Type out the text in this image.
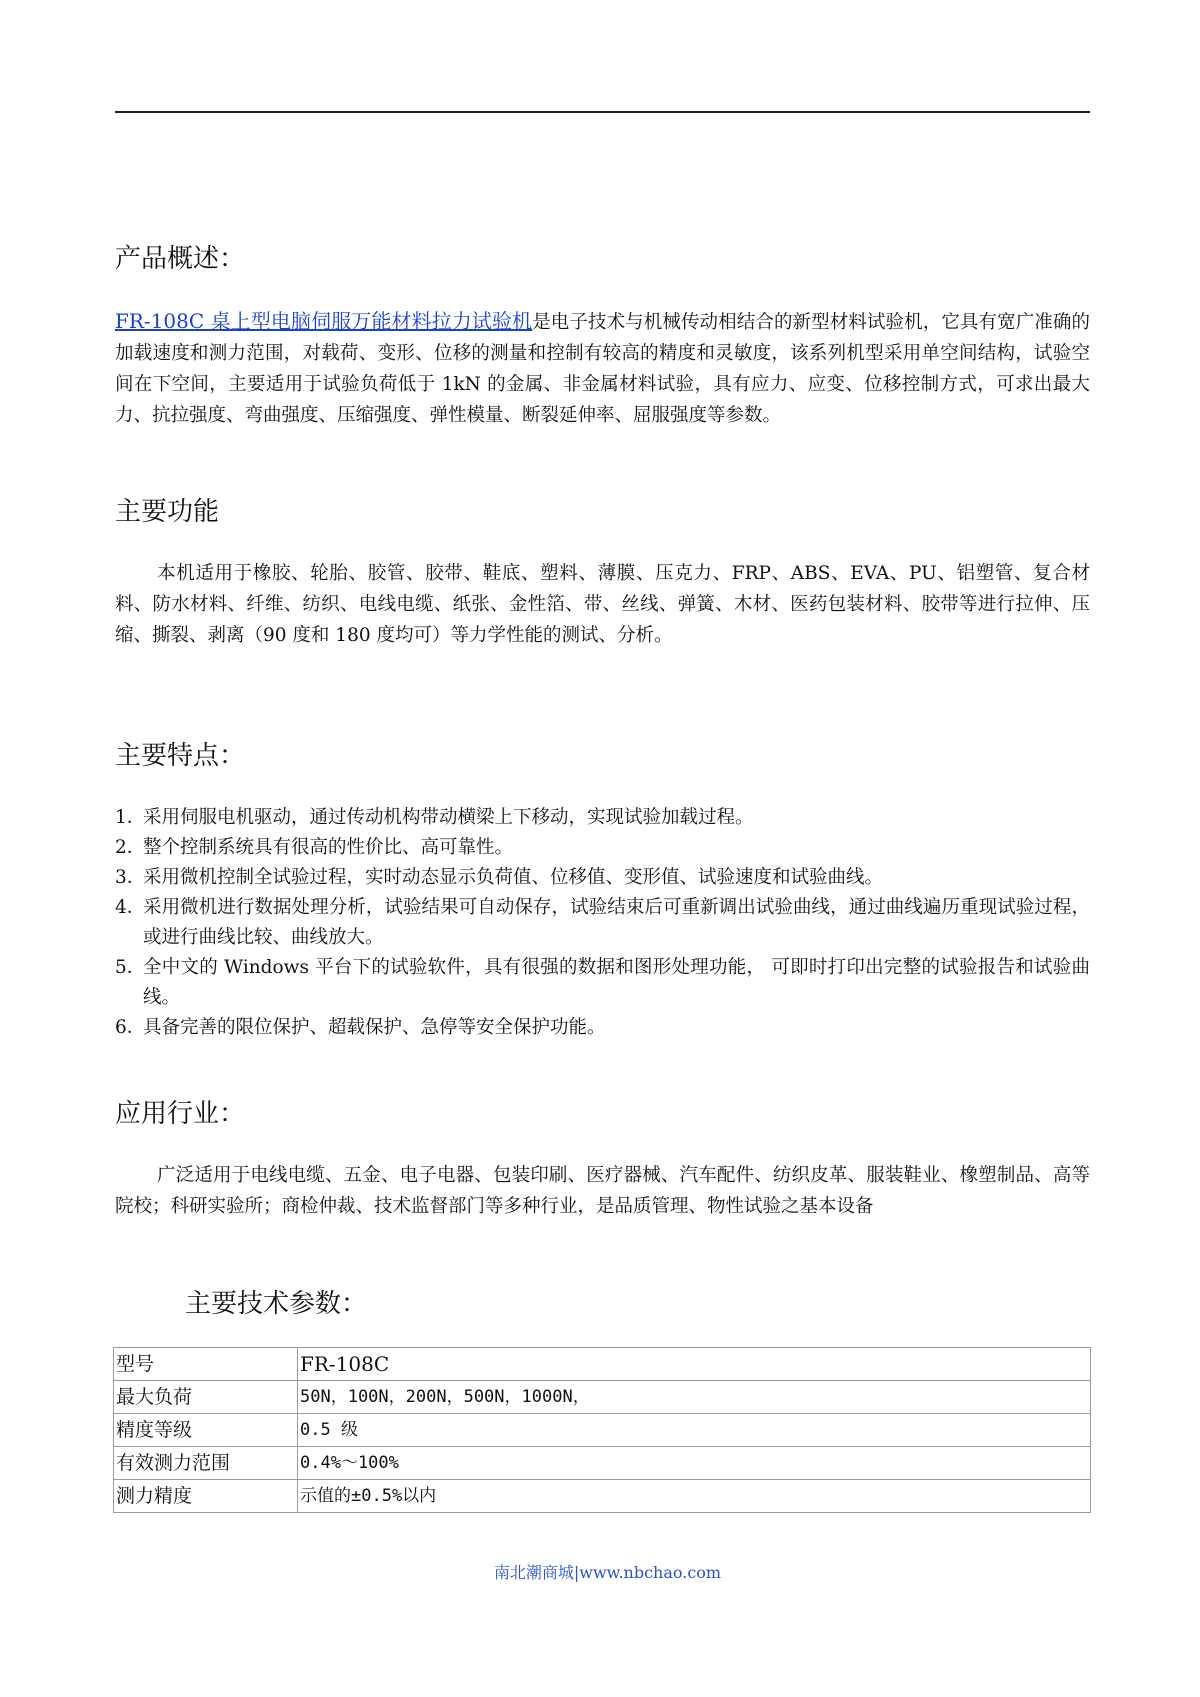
产品概述：

FR-108C 桌上型电脑伺服万能材料拉力试验机是电子技术与机械传动相结合的新型材料试验机，它具有宽广准确的加载速度和测力范围，对载荷、变形、位移的测量和控制有较高的精度和灵敏度，该系列机型采用单空间结构，试验空间在下空间，主要适用于试验负荷低于 1kN 的金属、非金属材料试验，具有应力、应变、位移控制方式，可求出最大力、抗拉强度、弯曲强度、压缩强度、弹性模量、断裂延伸率、屈服强度等参数。

主要功能

本机适用于橡胶、轮胎、胶管、胶带、鞋底、塑料、薄膜、压克力、FRP、ABS、EVA、PU、铝塑管、复合材料、防水材料、纤维、纺织、电线电缆、纸张、金性箔、带、丝线、弹簧、木材、医药包装材料、胶带等进行拉伸、压缩、撕裂、剥离（90 度和 180 度均可）等力学性能的测试、分析。

主要特点：
1．
采用伺服电机驱动，通过传动机构带动横梁上下移动，实现试验加载过程。
2．
整个控制系统具有很高的性价比、高可靠性。
3．
采用微机控制全试验过程，实时动态显示负荷值、位移值、变形值、试验速度和试验曲线。
4．
采用微机进行数据处理分析，试验结果可自动保存，试验结束后可重新调出试验曲线，通过曲线遍历重现试验过程，或进行曲线比较、曲线放大。
5．
全中文的 Windows 平台下的试验软件，具有很强的数据和图形处理功能， 可即时打印出完整的试验报告和试验曲线。
6．
具备完善的限位保护、超载保护、急停等安全保护功能。
应用行业：

广泛适用于电线电缆、五金、电子电器、包装印刷、医疗器械、汽车配件、纺织皮革、服装鞋业、橡塑制品、高等院校；科研实验所；商检仲裁、技术监督部门等多种行业，是品质管理、物性试验之基本设备

主要技术参数：
型号	FR-108C
最大负荷	50N，100N，200N，500N，1000N，
精度等级	0.5 级
有效测力范围	0.4%～100%
测力精度	示值的±0.5%以内
南北潮商城|www.nbchao.com
